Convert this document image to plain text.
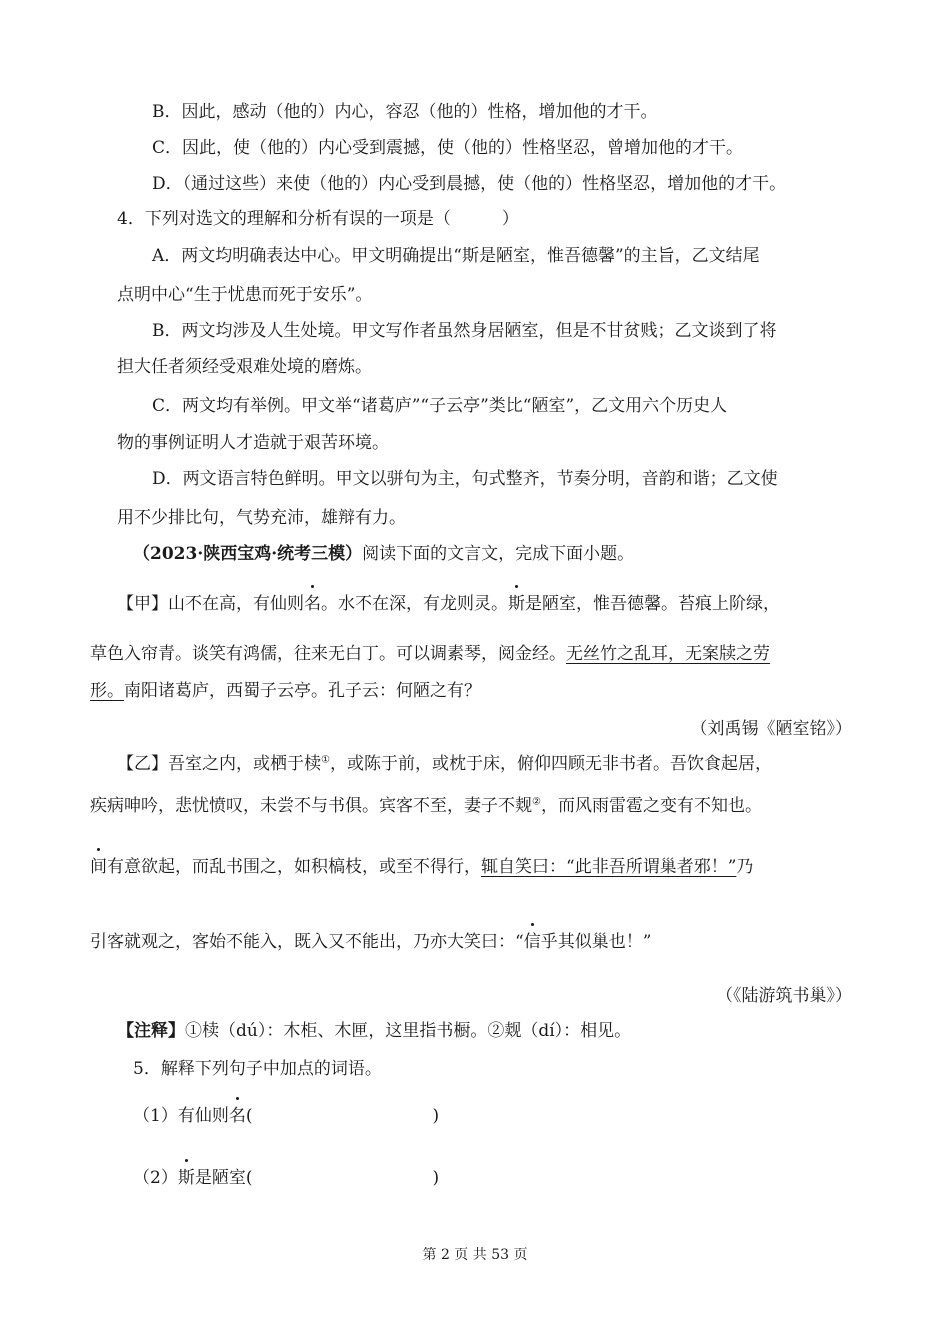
B．因此，感动（他的）内心，容忍（他的）性格，增加他的才干。
C．因此，使（他的）内心受到震撼，使（他的）性格坚忍，曾增加他的才干。
D．（通过这些）来使（他的）内心受到晨撼，使（他的）性格坚忍，增加他的才干。
4．下列对选文的理解和分析有误的一项是（　　　）
A．两文均明确表达中心。甲文明确提出“斯是陋室，惟吾德馨”的主旨，乙文结尾
点明中心“生于忧患而死于安乐”。
B．两文均涉及人生处境。甲文写作者虽然身居陋室，但是不甘贫贱；乙文谈到了将
担大任者须经受艰难处境的磨炼。
C．两文均有举例。甲文举“诸葛庐”“子云亭”类比“陋室”，乙文用六个历史人
物的事例证明人才造就于艰苦环境。
D．两文语言特色鲜明。甲文以骈句为主，句式整齐，节奏分明，音韵和谐；乙文使
用不少排比句，气势充沛，雄辩有力。
（2023·陕西宝鸡·统考三模）阅读下面的文言文，完成下面小题。
【甲】山不在高，有仙则名。水不在深，有龙则灵。斯是陋室，惟吾德馨。苔痕上阶绿，
草色入帘青。谈笑有鸿儒，往来无白丁。可以调素琴，阅金经。无丝竹之乱耳，无案牍之劳
形。南阳诸葛庐，西蜀子云亭。孔子云：何陋之有？
（刘禹锡《陋室铭》）
【乙】吾室之内，或栖于椟①，或陈于前，或枕于床，俯仰四顾无非书者。吾饮食起居，
疾病呻吟，悲忧愤叹，未尝不与书俱。宾客不至，妻子不觌②，而风雨雷雹之变有不知也。
间有意欲起，而乱书围之，如积槁枝，或至不得行，辄自笑曰：“此非吾所谓巢者邪！”乃
引客就观之，客始不能入，既入又不能出，乃亦大笑曰：“信乎其似巢也！”
（《陆游筑书巢》）
【注释】①椟（dú）：木柜、木匣，这里指书橱。②觌（dí）：相见。
5．解释下列句子中加点的词语。
（1）有仙则名(	)
（2）斯是陋室(	)
第 2 页 共 53 页
